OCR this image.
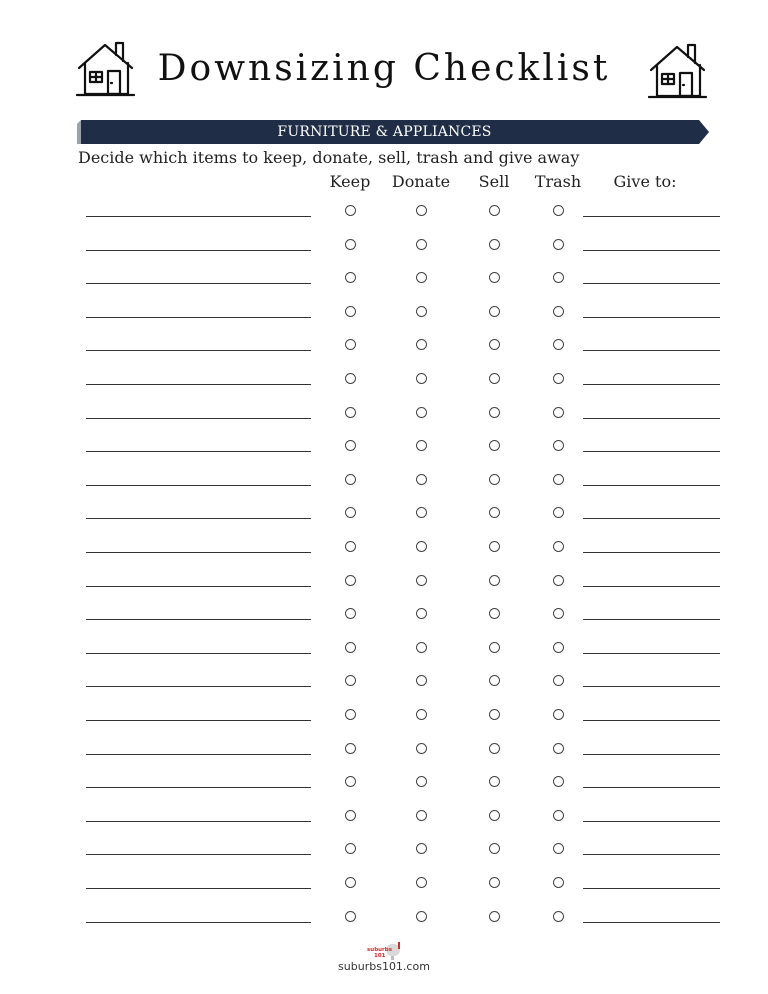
Downsizing Checklist
FURNITURE & APPLIANCES
Decide which items to keep, donate, sell, trash and give away
Keep Donate Sell Trash Give to:
suburbs
101
suburbs101.com
